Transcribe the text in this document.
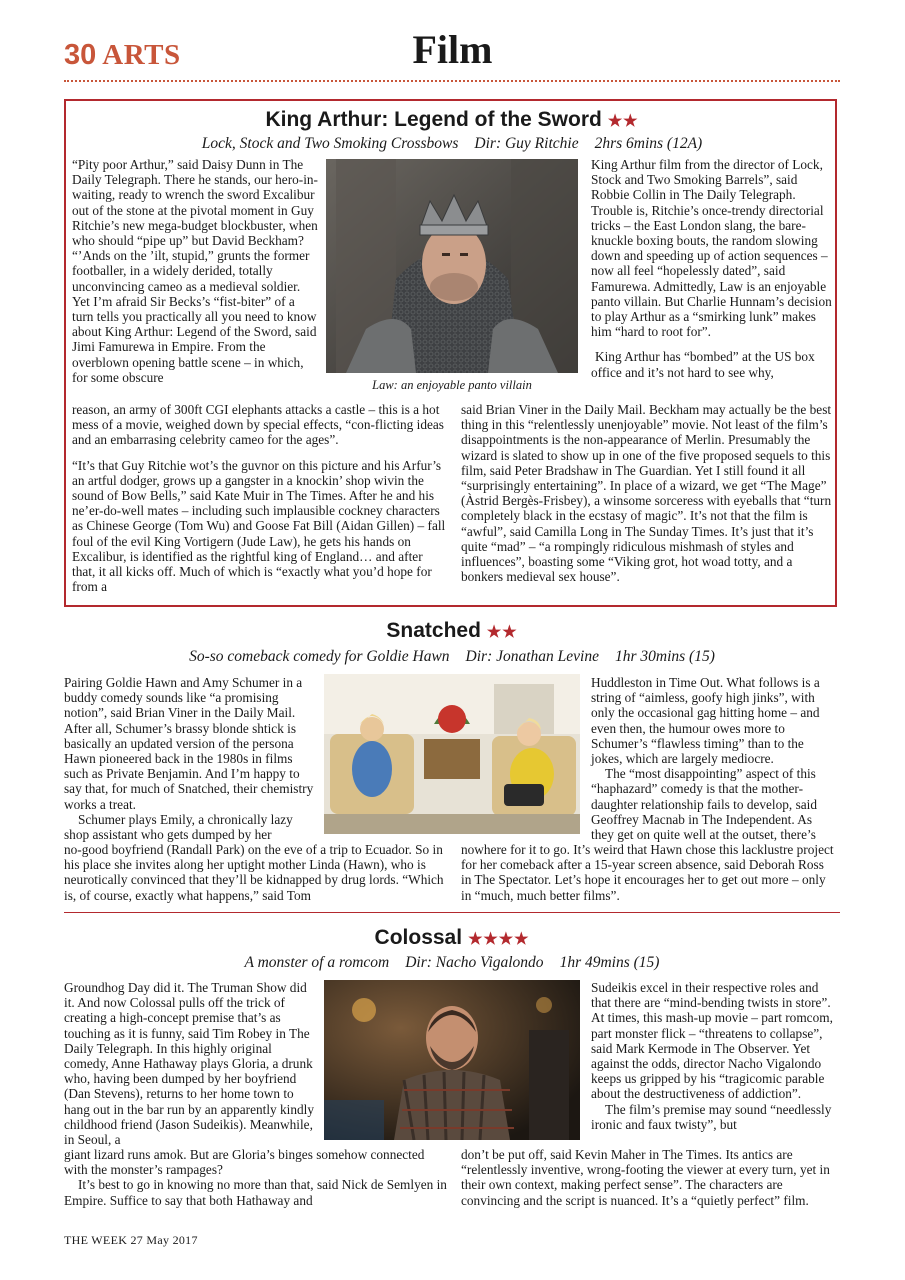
30 ARTS	Film
King Arthur: Legend of the Sword ★★
Lock, Stock and Two Smoking Crossbows Dir: Guy Ritchie 2hrs 6mins (12A)

“Pity poor Arthur,” said Daisy Dunn in The Daily Telegraph. There he stands, our hero-in-waiting, ready to wrench the sword Excalibur out of the stone at the pivotal moment in Guy Ritchie’s new mega-budget blockbuster, when who should “pipe up” but David Beckham? “’Ands on the ’ilt, stupid,” grunts the former footballer, in a widely derided, totally unconvincing cameo as a medieval soldier. Yet I’m afraid Sir Becks’s “fist-biter” of a turn tells you practically all you need to know about King Arthur: Legend of the Sword, said Jimi Famurewa in Empire. From the overblown opening battle scene – in which, for some obscure

Law: an enjoyable panto villain

King Arthur film from the director of Lock, Stock and Two Smoking Barrels”, said Robbie Collin in The Daily Telegraph. Trouble is, Ritchie’s once-trendy directorial tricks – the East London slang, the bare-knuckle boxing bouts, the random slowing down and speeding up of action sequences – now all feel “hopelessly dated”, said Famurewa. Admittedly, Law is an enjoyable panto villain. But Charlie Hunnam’s decision to play Arthur as a “smirking lunk” makes him “hard to root for”.

King Arthur has “bombed” at the US box office and it’s not hard to see why,

reason, an army of 300ft CGI elephants attacks a castle – this is a hot mess of a movie, weighed down by special effects, “con-flicting ideas and an embarrasing celebrity cameo for the ages”.

“It’s that Guy Ritchie wot’s the guvnor on this picture and his Arfur’s an artful dodger, grows up a gangster in a knockin’ shop wivin the sound of Bow Bells,” said Kate Muir in The Times. After he and his ne’er-do-well mates – including such implausible cockney characters as Chinese George (Tom Wu) and Goose Fat Bill (Aidan Gillen) – fall foul of the evil King Vortigern (Jude Law), he gets his hands on Excalibur, is identified as the rightful king of England… and after that, it all kicks off. Much of which is “exactly what you’d hope for from a

said Brian Viner in the Daily Mail. Beckham may actually be the best thing in this “relentlessly unenjoyable” movie. Not least of the film’s disappointments is the non-appearance of Merlin. Presumably the wizard is slated to show up in one of the five proposed sequels to this film, said Peter Bradshaw in The Guardian. Yet I still found it all “surprisingly entertaining”. In place of a wizard, we get “The Mage” (Àstrid Bergès-Frisbey), a winsome sorceress with eyeballs that “turn completely black in the ecstasy of magic”. It’s not that the film is “awful”, said Camilla Long in The Sunday Times. It’s just that it’s quite “mad” – “a rompingly ridiculous mishmash of styles and influences”, boasting some “Viking grot, hot woad totty, and a bonkers medieval sex house”.

Snatched ★★
So-so comeback comedy for Goldie Hawn Dir: Jonathan Levine 1hr 30mins (15)

Pairing Goldie Hawn and Amy Schumer in a buddy comedy sounds like “a promising notion”, said Brian Viner in the Daily Mail. After all, Schumer’s brassy blonde shtick is basically an updated version of the persona Hawn pioneered back in the 1980s in films such as Private Benjamin. And I’m happy to say that, for much of Snatched, their chemistry works a treat.

Schumer plays Emily, a chronically lazy shop assistant who gets dumped by her

Huddleston in Time Out. What follows is a string of “aimless, goofy high jinks”, with only the occasional gag hitting home – and even then, the humour owes more to Schumer’s “flawless timing” than to the jokes, which are largely mediocre.

The “most disappointing” aspect of this “haphazard” comedy is that the mother-daughter relationship fails to develop, said Geoffrey Macnab in The Independent. As they get on quite well at the outset, there’s

no-good boyfriend (Randall Park) on the eve of a trip to Ecuador. So in his place she invites along her uptight mother Linda (Hawn), who is neurotically convinced that they’ll be kidnapped by drug lords. “Which is, of course, exactly what happens,” said Tom

nowhere for it to go. It’s weird that Hawn chose this lacklustre project for her comeback after a 15-year screen absence, said Deborah Ross in The Spectator. Let’s hope it encourages her to get out more – only in “much, much better films”.

Colossal ★★★★
A monster of a romcom Dir: Nacho Vigalondo 1hr 49mins (15)

Groundhog Day did it. The Truman Show did it. And now Colossal pulls off the trick of creating a high-concept premise that’s as touching as it is funny, said Tim Robey in The Daily Telegraph. In this highly original comedy, Anne Hathaway plays Gloria, a drunk who, having been dumped by her boyfriend (Dan Stevens), returns to her home town to hang out in the bar run by an apparently kindly childhood friend (Jason Sudeikis). Meanwhile, in Seoul, a

Sudeikis excel in their respective roles and that there are “mind-bending twists in store”. At times, this mash-up movie – part romcom, part monster flick – “threatens to collapse”, said Mark Kermode in The Observer. Yet against the odds, director Nacho Vigalondo keeps us gripped by his “tragicomic parable about the destructiveness of addiction”.

The film’s premise may sound “needlessly ironic and faux twisty”, but

giant lizard runs amok. But are Gloria’s binges somehow connected with the monster’s rampages?

It’s best to go in knowing no more than that, said Nick de Semlyen in Empire. Suffice to say that both Hathaway and

don’t be put off, said Kevin Maher in The Times. Its antics are “relentlessly inventive, wrong-footing the viewer at every turn, yet in their own context, making perfect sense”. The characters are convincing and the script is nuanced. It’s a “quietly perfect” film.

THE WEEK 27 May 2017
